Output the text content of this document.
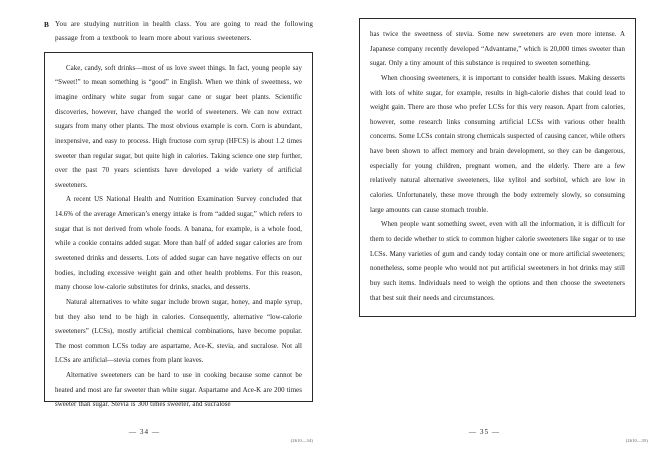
B You are studying nutrition in health class. You are going to read the following passage from a textbook to learn more about various sweeteners.

Cake, candy, soft drinks—most of us love sweet things. In fact, young people say “Sweet!” to mean something is “good” in English. When we think of sweetness, we imagine ordinary white sugar from sugar cane or sugar beet plants. Scientific discoveries, however, have changed the world of sweeteners. We can now extract sugars from many other plants. The most obvious example is corn. Corn is abundant, inexpensive, and easy to process. High fructose corn syrup (HFCS) is about 1.2 times sweeter than regular sugar, but quite high in calories. Taking science one step further, over the past 70 years scientists have developed a wide variety of artificial sweeteners.

A recent US National Health and Nutrition Examination Survey concluded that 14.6% of the average American’s energy intake is from “added sugar,” which refers to sugar that is not derived from whole foods. A banana, for example, is a whole food, while a cookie contains added sugar. More than half of added sugar calories are from sweetened drinks and desserts. Lots of added sugar can have negative effects on our bodies, including excessive weight gain and other health problems. For this reason, many choose low-calorie substitutes for drinks, snacks, and desserts.

Natural alternatives to white sugar include brown sugar, honey, and maple syrup, but they also tend to be high in calories. Consequently, alternative “low-calorie sweeteners” (LCSs), mostly artificial chemical combinations, have become popular. The most common LCSs today are aspartame, Ace-K, stevia, and sucralose. Not all LCSs are artificial—stevia comes from plant leaves.

Alternative sweeteners can be hard to use in cooking because some cannot be heated and most are far sweeter than white sugar. Aspartame and Ace-K are 200 times sweeter than sugar. Stevia is 300 times sweeter, and sucralose

— 34 —
(2610—34)

has twice the sweetness of stevia. Some new sweeteners are even more intense. A Japanese company recently developed “Advantame,” which is 20,000 times sweeter than sugar. Only a tiny amount of this substance is required to sweeten something.

When choosing sweeteners, it is important to consider health issues. Making desserts with lots of white sugar, for example, results in high-calorie dishes that could lead to weight gain. There are those who prefer LCSs for this very reason. Apart from calories, however, some research links consuming artificial LCSs with various other health concerns. Some LCSs contain strong chemicals suspected of causing cancer, while others have been shown to affect memory and brain development, so they can be dangerous, especially for young children, pregnant women, and the elderly. There are a few relatively natural alternative sweeteners, like xylitol and sorbitol, which are low in calories. Unfortunately, these move through the body extremely slowly, so consuming large amounts can cause stomach trouble.

When people want something sweet, even with all the information, it is difficult for them to decide whether to stick to common higher calorie sweeteners like sugar or to use LCSs. Many varieties of gum and candy today contain one or more artificial sweeteners; nonetheless, some people who would not put artificial sweeteners in hot drinks may still buy such items. Individuals need to weigh the options and then choose the sweeteners that best suit their needs and circumstances.

— 35 —
(2610—35)
